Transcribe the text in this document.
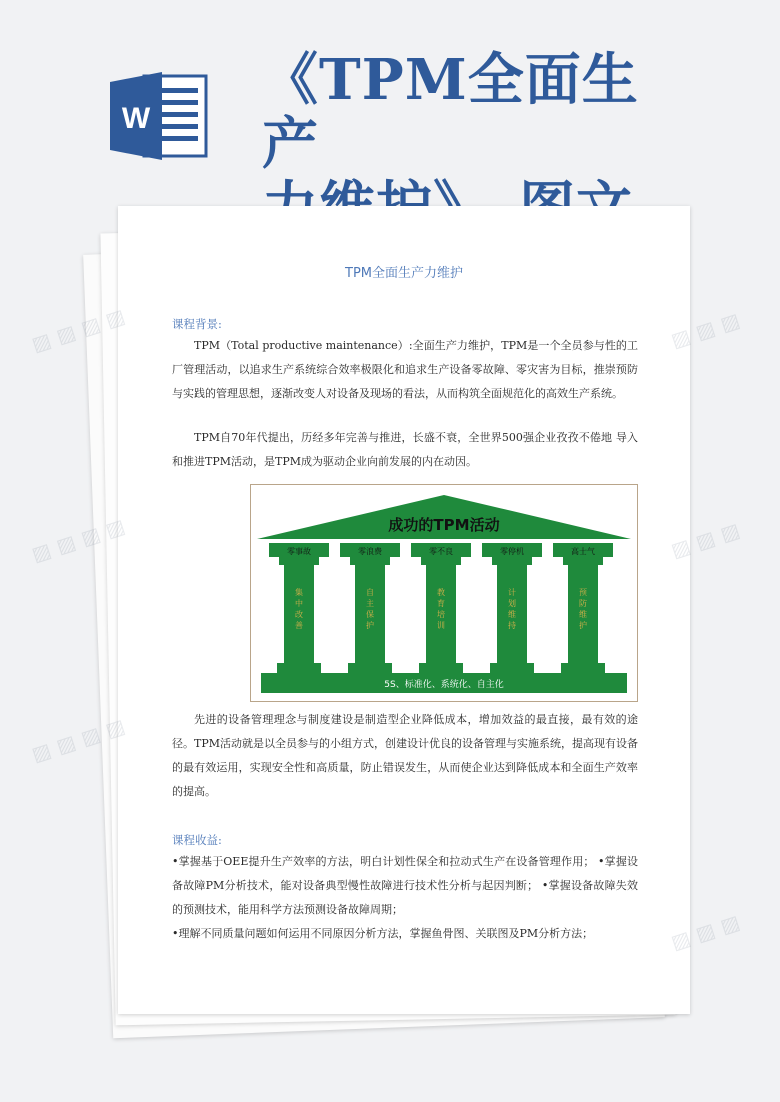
W
《TPM全面生产
TPM全面生产力维护
课程背景:

TPM（Total productive maintenance）:全面生产力维护，TPM是一个全员参与性的工厂管理活动，以追求生产系统综合效率极限化和追求生产设备零故障、零灾害为目标，推崇预防与实践的管理思想，逐渐改变人对设备及现场的看法，从而构筑全面规范化的高效生产系统。

TPM自70年代提出，历经多年完善与推进，长盛不衰，全世界500强企业孜孜不倦地 导入和推进TPM活动，是TPM成为驱动企业向前发展的内在动因。

成功的TPM活动
零事故
集中改善
零浪费
自主保护
零不良
教育培训
零停机
计划维持
高士气
预防维护
5S、标准化、系统化、自主化

先进的设备管理理念与制度建设是制造型企业降低成本，增加效益的最直接，最有效的途径。TPM活动就是以全员参与的小组方式，创建设计优良的设备管理与实施系统，提高现有设备的最有效运用，实现安全性和高质量，防止错误发生，从而使企业达到降低成本和全面生产效率的提高。

课程收益:

•掌握基于OEE提升生产效率的方法，明白计划性保全和拉动式生产在设备管理作用； •掌握设备故障PM分析技术，能对设备典型慢性故障进行技术性分析与起因判断； •掌握设备故障失效的预测技术，能用科学方法预测设备故障周期；

•理解不同质量问题如何运用不同原因分析方法，掌握鱼骨图、关联图及PM分析方法；

▨ ▨ ▨ ▨
▨ ▨ ▨ ▨
▨ ▨ ▨ ▨
▨ ▨ ▨
▨ ▨ ▨
▨ ▨ ▨
